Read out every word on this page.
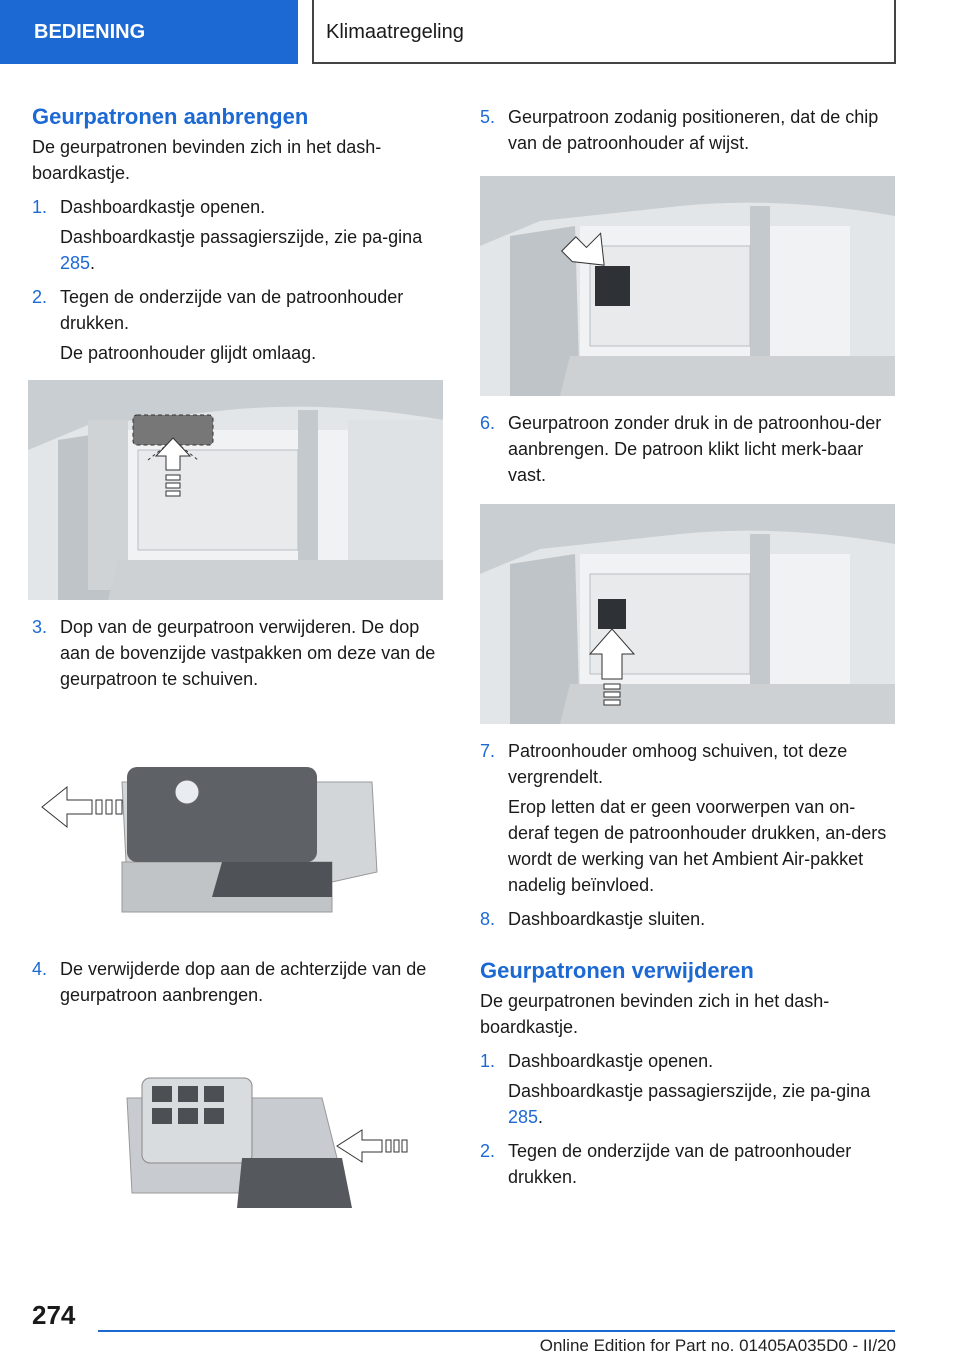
BEDIENING	Klimaatregeling
Geurpatronen aanbrengen

De geurpatronen bevinden zich in het dash-boardkastje.

1. Dashboardkastje openen.
Dashboardkastje passagierszijde, zie pa-gina 285.
2. Tegen de onderzijde van de patroonhouder drukken.
De patroonhouder glijdt omlaag.
3. Dop van de geurpatroon verwijderen. De dop aan de bovenzijde vastpakken om deze van de geurpatroon te schuiven.
4. De verwijderde dop aan de achterzijde van de geurpatroon aanbrengen.
5. Geurpatroon zodanig positioneren, dat de chip van de patroonhouder af wijst.
6. Geurpatroon zonder druk in de patroonhou-der aanbrengen. De patroon klikt licht merk-baar vast.
7. Patroonhouder omhoog schuiven, tot deze vergrendelt.
Erop letten dat er geen voorwerpen van on-deraf tegen de patroonhouder drukken, an-ders wordt de werking van het Ambient Air-pakket nadelig beïnvloed.
8. Dashboardkastje sluiten.
Geurpatronen verwijderen

De geurpatronen bevinden zich in het dash-boardkastje.

1. Dashboardkastje openen.
Dashboardkastje passagierszijde, zie pa-gina 285.
2. Tegen de onderzijde van de patroonhouder drukken.
274
Online Edition for Part no. 01405A035D0 - II/20
